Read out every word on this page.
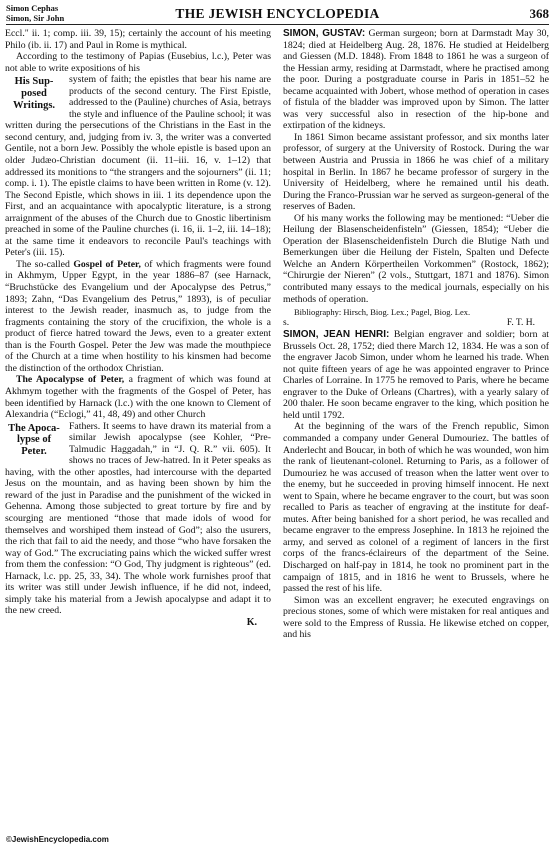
Simon Cephas
Simon, Sir John	THE JEWISH ENCYCLOPEDIA	368

Eccl." ii. 1; comp. iii. 39, 15); certainly the account of his meeting Philo (ib. ii. 17) and Paul in Rome is mythical.

According to the testimony of Papias (Eusebius, l.c.), Peter was not able to write expositions of his

His Sup-posed Writings.

system of faith; the epistles that bear his name are products of the second century. The First Epistle, addressed to the (Pauline) churches of Asia, betrays the style and influence of the Pauline school; it was written during the persecutions of the Christians in the East in the second century, and, judging from iv. 3, the writer was a converted Gentile, not a born Jew. Possibly the whole epistle is based upon an older Judæo-Christian document (ii. 11–iii. 16, v. 1–12) that addressed its monitions to “the strangers and the sojourners” (ii. 11; comp. i. 1). The epistle claims to have been written in Rome (v. 12). The Second Epistle, which shows in iii. 1 its dependence upon the First, and an acquaintance with apocalyptic literature, is a strong arraignment of the abuses of the Church due to Gnostic libertinism preached in some of the Pauline churches (i. 16, ii. 1–2, iii. 14–18); at the same time it endeavors to reconcile Paul's teachings with Peter's (iii. 15).

The so-called Gospel of Peter, of which fragments were found in Akhmym, Upper Egypt, in the year 1886–87 (see Harnack, “Bruchstücke des Evangelium und der Apocalypse des Petrus,” 1893; Zahn, “Das Evangelium des Petrus,” 1893), is of peculiar interest to the Jewish reader, inasmuch as, to judge from the fragments containing the story of the crucifixion, the whole is a product of fierce hatred toward the Jews, even to a greater extent than is the Fourth Gospel. Peter the Jew was made the mouthpiece of the Church at a time when hostility to his kinsmen had become the distinction of the orthodox Christian.

The Apocalypse of Peter, a fragment of which was found at Akhmym together with the fragments of the Gospel of Peter, has been identified by Harnack (l.c.) with the one known to Clement of Alexandria (“Eclogi,” 41, 48, 49) and other Church

The Apoca-lypse of Peter.

Fathers. It seems to have drawn its material from a similar Jewish apocalypse (see Kohler, “Pre-Talmudic Haggadah,” in “J. Q. R.” vii. 605). It shows no traces of Jew-hatred. In it Peter speaks as having, with the other apostles, had intercourse with the departed Jesus on the mountain, and as having been shown by him the reward of the just in Paradise and the punishment of the wicked in Gehenna. Among those subjected to great torture by fire and by scourging are mentioned “those that made idols of wood for themselves and worshiped them instead of God”; also the usurers, the rich that fail to aid the needy, and those “who have forsaken the way of God.” The excruciating pains which the wicked suffer wrest from them the confession: “O God, Thy judgment is righteous” (ed. Harnack, l.c. pp. 25, 33, 34). The whole work furnishes proof that its writer was still under Jewish influence, if he did not, indeed, simply take his material from a Jewish apocalypse and adapt it to the new creed.

K.

SIMON, GUSTAV: German surgeon; born at Darmstadt May 30, 1824; died at Heidelberg Aug. 28, 1876. He studied at Heidelberg and Giessen (M.D. 1848). From 1848 to 1861 he was a surgeon of the Hessian army, residing at Darmstadt, where he practised among the poor. During a postgraduate course in Paris in 1851–52 he became acquainted with Jobert, whose method of operation in cases of fistula of the bladder was improved upon by Simon. The latter was very successful also in resection of the hip-bone and extirpation of the kidneys.

In 1861 Simon became assistant professor, and six months later professor, of surgery at the University of Rostock. During the war between Austria and Prussia in 1866 he was chief of a military hospital in Berlin. In 1867 he became professor of surgery in the University of Heidelberg, where he remained until his death. During the Franco-Prussian war he served as surgeon-general of the reserves of Baden.

Of his many works the following may be mentioned: “Ueber die Heilung der Blasenscheidenfisteln” (Giessen, 1854); “Ueber die Operation der Blasenscheidenfisteln Durch die Blutige Nath und Bemerkungen über die Heilung der Fisteln, Spalten und Defecte Welche an Andern Körpertheilen Vorkommen” (Rostock, 1862); “Chirurgie der Nieren” (2 vols., Stuttgart, 1871 and 1876). Simon contributed many essays to the medical journals, especially on his methods of operation.

Bibliography: Hirsch, Biog. Lex.; Pagel, Biog. Lex.

s.	F. T. H.

SIMON, JEAN HENRI: Belgian engraver and soldier; born at Brussels Oct. 28, 1752; died there March 12, 1834. He was a son of the engraver Jacob Simon, under whom he learned his trade. When not quite fifteen years of age he was appointed engraver to Prince Charles of Lorraine. In 1775 he removed to Paris, where he became engraver to the Duke of Orleans (Chartres), with a yearly salary of 200 thaler. He soon became engraver to the king, which position he held until 1792.

At the beginning of the wars of the French republic, Simon commanded a company under General Dumouriez. The battles of Anderlecht and Boucar, in both of which he was wounded, won him the rank of lieutenant-colonel. Returning to Paris, as a follower of Dumouriez he was accused of treason when the latter went over to the enemy, but he succeeded in proving himself innocent. He next went to Spain, where he became engraver to the court, but was soon recalled to Paris as teacher of engraving at the institute for deaf-mutes. After being banished for a short period, he was recalled and became engraver to the empress Josephine. In 1813 he rejoined the army, and served as colonel of a regiment of lancers in the first corps of the francs-éclaireurs of the department of the Seine. Discharged on half-pay in 1814, he took no prominent part in the campaign of 1815, and in 1816 he went to Brussels, where he passed the rest of his life.

Simon was an excellent engraver; he executed engravings on precious stones, some of which were mistaken for real antiques and were sold to the Empress of Russia. He likewise etched on copper, and his

©JewishEncyclopedia.com
